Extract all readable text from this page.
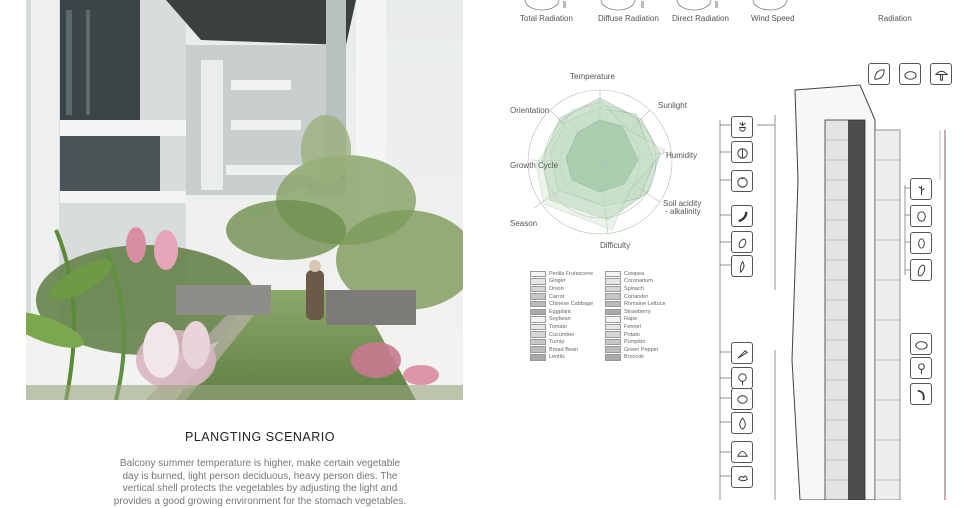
PLANGTING SCENARIO
Balcony summer temperature is higher, make certain vegetable
day is burned, light person deciduous, heavy person dies. The
vertical shell protects the vegetables by adjusting the light and
provides a good growing environment for the stomach vegetables.
Total Radiation	Diffuse Radiation Direct Radiation	Wind Speed	Radiation
Temperature
Sunlight
Humidity
Soil acidity
- alkalinity
Difficulty
Season
Growth Cycle
Orientation
Perilla Frutescens
Ginger
Onion
Carrot
Chinese Cabbage
Eggplant
Soybean
Tomato
Cucumber
Turnip
Broad Bean
Lentils
Cowpea
Coronarium
Spinach
Coriander
Romaine Lettuce
Strawberry
Rape
Fennel
Potato
Pumpkin
Green Pepper
Broccoli
